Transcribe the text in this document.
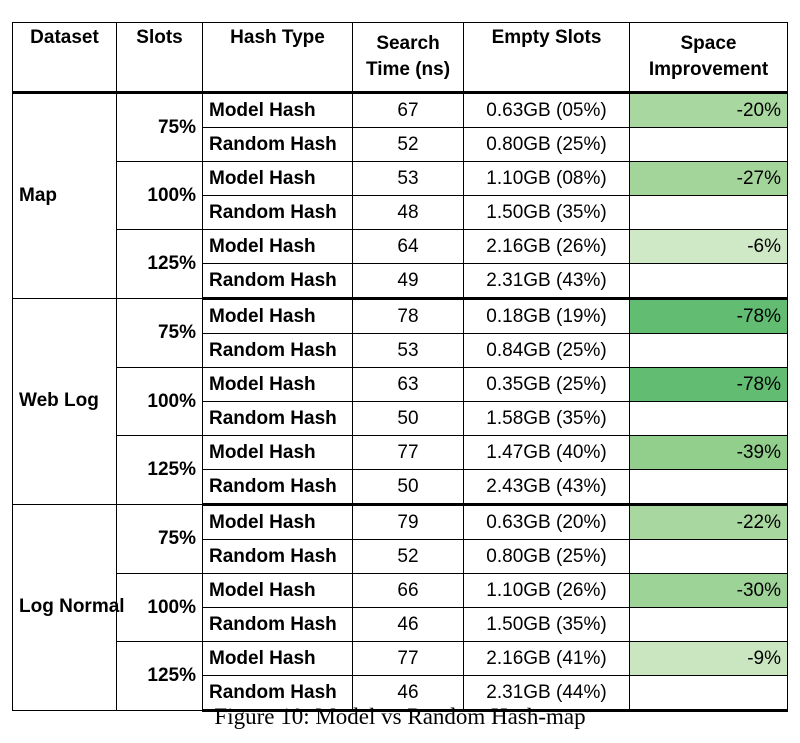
Dataset	Slots	Hash Type	Search Time (ns)	Empty Slots	Space Improvement
Map	75%	Model Hash	67	0.63GB (05%)	-20%
		Random Hash	52	0.80GB (25%)	
	100%	Model Hash	53	1.10GB (08%)	-27%
		Random Hash	48	1.50GB (35%)	
	125%	Model Hash	64	2.16GB (26%)	-6%
		Random Hash	49	2.31GB (43%)	
Web Log	75%	Model Hash	78	0.18GB (19%)	-78%
		Random Hash	53	0.84GB (25%)	
	100%	Model Hash	63	0.35GB (25%)	-78%
		Random Hash	50	1.58GB (35%)	
	125%	Model Hash	77	1.47GB (40%)	-39%
		Random Hash	50	2.43GB (43%)	
Log Normal	75%	Model Hash	79	0.63GB (20%)	-22%
		Random Hash	52	0.80GB (25%)	
	100%	Model Hash	66	1.10GB (26%)	-30%
		Random Hash	46	1.50GB (35%)	
	125%	Model Hash	77	2.16GB (41%)	-9%
		Random Hash	46	2.31GB (44%)	
Figure 10: Model vs Random Hash-map
